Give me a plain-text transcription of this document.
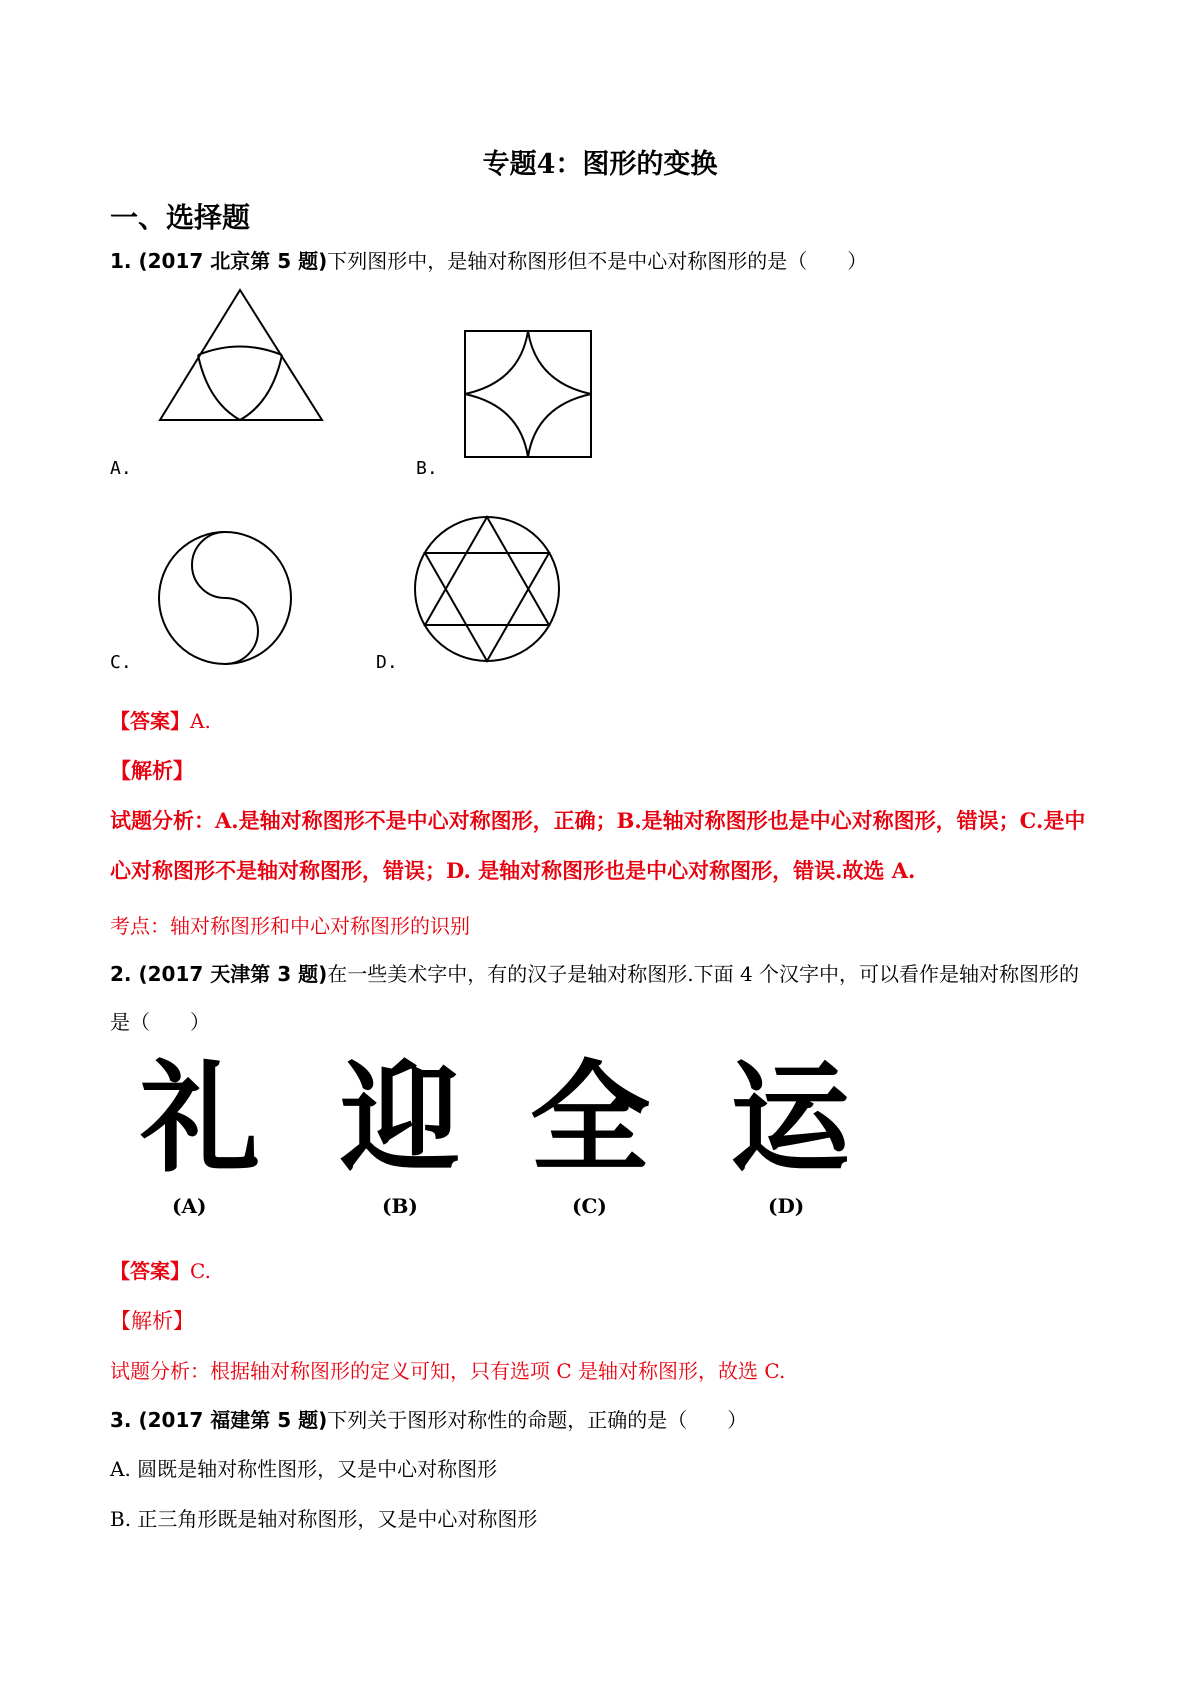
专题4：图形的变换
一、选择题
1. (2017 北京第 5 题)下列图形中，是轴对称图形但不是中心对称图形的是（　　）
A.	B.
C.	D.
【答案】A.
【解析】
试题分析：A.是轴对称图形不是中心对称图形，正确；B.是轴对称图形也是中心对称图形，错误；C.是中
心对称图形不是轴对称图形，错误；D. 是轴对称图形也是中心对称图形，错误.故选 A.
考点：轴对称图形和中心对称图形的识别
2. (2017 天津第 3 题)在一些美术字中，有的汉子是轴对称图形.下面 4 个汉字中，可以看作是轴对称图形的
是（　　）
礼 迎 全 运
(A)	(B)	(C)	(D)
【答案】C.
【解析】
试题分析：根据轴对称图形的定义可知，只有选项 C 是轴对称图形，故选 C.
3. (2017 福建第 5 题)下列关于图形对称性的命题，正确的是（　　）
A. 圆既是轴对称性图形，又是中心对称图形
B. 正三角形既是轴对称图形，又是中心对称图形
